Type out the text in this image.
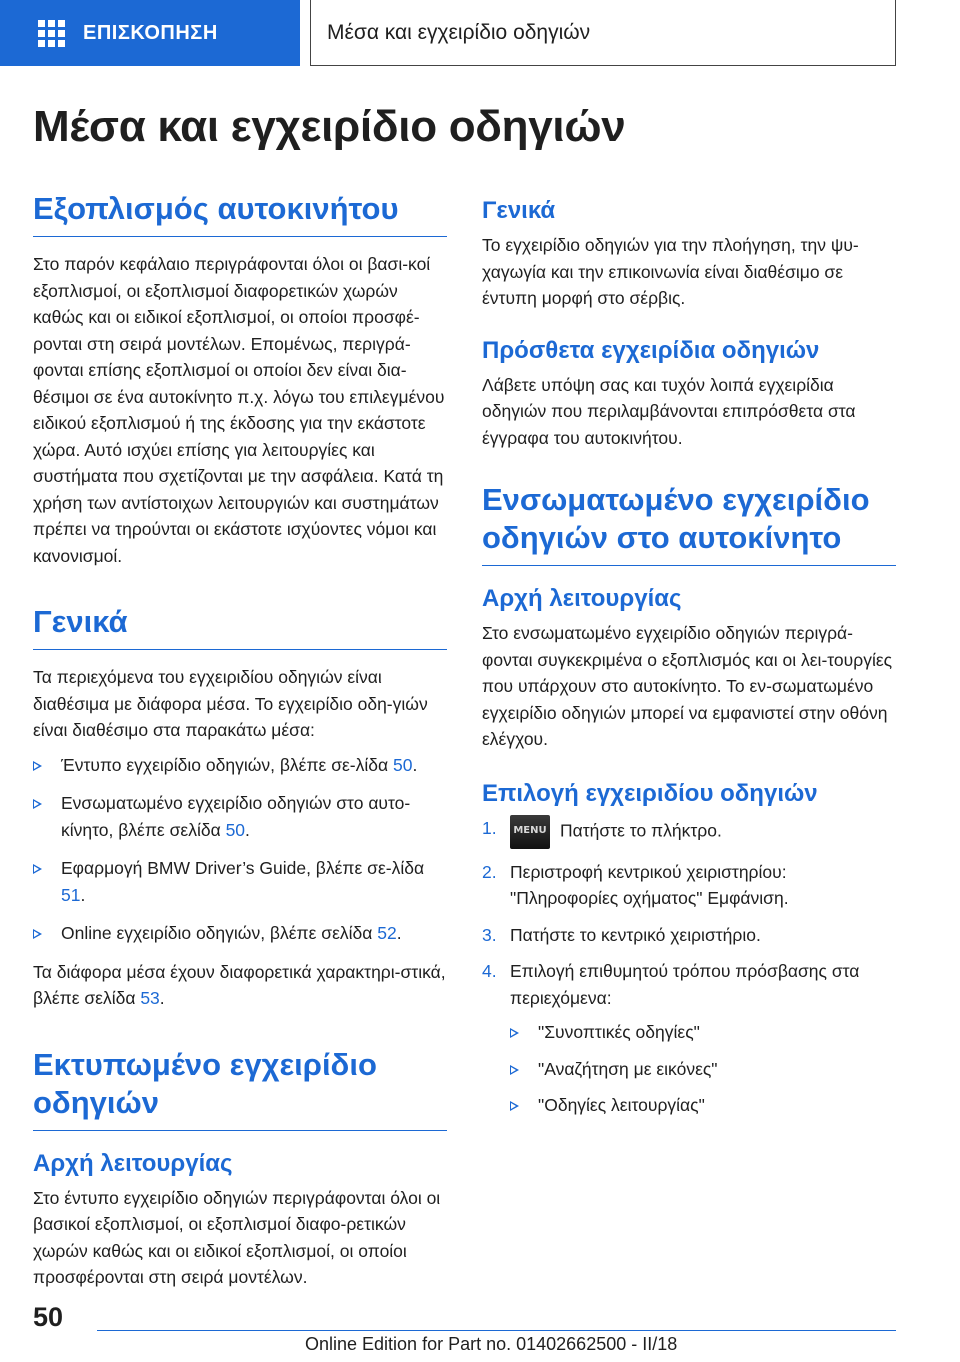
ΕΠΙΣΚΟΠΗΣΗ	Μέσα και εγχειρίδιο οδηγιών
Μέσα και εγχειρίδιο οδηγιών
Εξοπλισμός αυτοκινήτου

Στο παρόν κεφάλαιο περιγράφονται όλοι οι βασι-κοί εξοπλισμοί, οι εξοπλισμοί διαφορετικών χωρών καθώς και οι ειδικοί εξοπλισμοί, οι οποίοι προσφέ-ρονται στη σειρά μοντέλων. Επομένως, περιγρά-φονται επίσης εξοπλισμοί οι οποίοι δεν είναι δια-θέσιμοι σε ένα αυτοκίνητο π.χ. λόγω του επιλεγμένου ειδικού εξοπλισμού ή της έκδοσης για την εκάστοτε χώρα. Αυτό ισχύει επίσης για λειτουργίες και συστήματα που σχετίζονται με την ασφάλεια. Κατά τη χρήση των αντίστοιχων λειτουργιών και συστημάτων πρέπει να τηρούνται οι εκάστοτε ισχύοντες νόμοι και κανονισμοί.

Γενικά

Τα περιεχόμενα του εγχειριδίου οδηγιών είναι διαθέσιμα με διάφορα μέσα. Το εγχειρίδιο οδη-γιών είναι διαθέσιμο στα παρακάτω μέσα:

Έντυπο εγχειρίδιο οδηγιών, βλέπε σε-λίδα 50.
Ενσωματωμένο εγχειρίδιο οδηγιών στο αυτο-κίνητο, βλέπε σελίδα 50.
Εφαρμογή BMW Driver’s Guide, βλέπε σε-λίδα 51.
Online εγχειρίδιο οδηγιών, βλέπε σελίδα 52.

Τα διάφορα μέσα έχουν διαφορετικά χαρακτηρι-στικά, βλέπε σελίδα 53.

Εκτυπωμένο εγχειρίδιο οδηγιών
Αρχή λειτουργίας

Στο έντυπο εγχειρίδιο οδηγιών περιγράφονται όλοι οι βασικοί εξοπλισμοί, οι εξοπλισμοί διαφο-ρετικών χωρών καθώς και οι ειδικοί εξοπλισμοί, οι οποίοι προσφέρονται στη σειρά μοντέλων.

Γενικά

Το εγχειρίδιο οδηγιών για την πλοήγηση, την ψυ-χαγωγία και την επικοινωνία είναι διαθέσιμο σε έντυπη μορφή στο σέρβις.

Πρόσθετα εγχειρίδια οδηγιών

Λάβετε υπόψη σας και τυχόν λοιπά εγχειρίδια οδηγιών που περιλαμβάνονται επιπρόσθετα στα έγγραφα του αυτοκινήτου.

Ενσωματωμένο εγχειρίδιο οδηγιών στο αυτοκίνητο
Αρχή λειτουργίας

Στο ενσωματωμένο εγχειρίδιο οδηγιών περιγρά-φονται συγκεκριμένα ο εξοπλισμός και οι λει-τουργίες που υπάρχουν στο αυτοκίνητο. Το εν-σωματωμένο εγχειρίδιο οδηγιών μπορεί να εμφανιστεί στην οθόνη ελέγχου.

Επιλογή εγχειριδίου οδηγιών
1. MENU Πατήστε το πλήκτρο.
2. Περιστροφή κεντρικού χειριστηρίου: "Πληροφορίες οχήματος" Εμφάνιση.
3. Πατήστε το κεντρικό χειριστήριο.
4. Επιλογή επιθυμητού τρόπου πρόσβασης στα περιεχόμενα:
"Συνοπτικές οδηγίες"
"Αναζήτηση με εικόνες"
"Οδηγίες λειτουργίας"
50
Online Edition for Part no. 01402662500 - II/18
